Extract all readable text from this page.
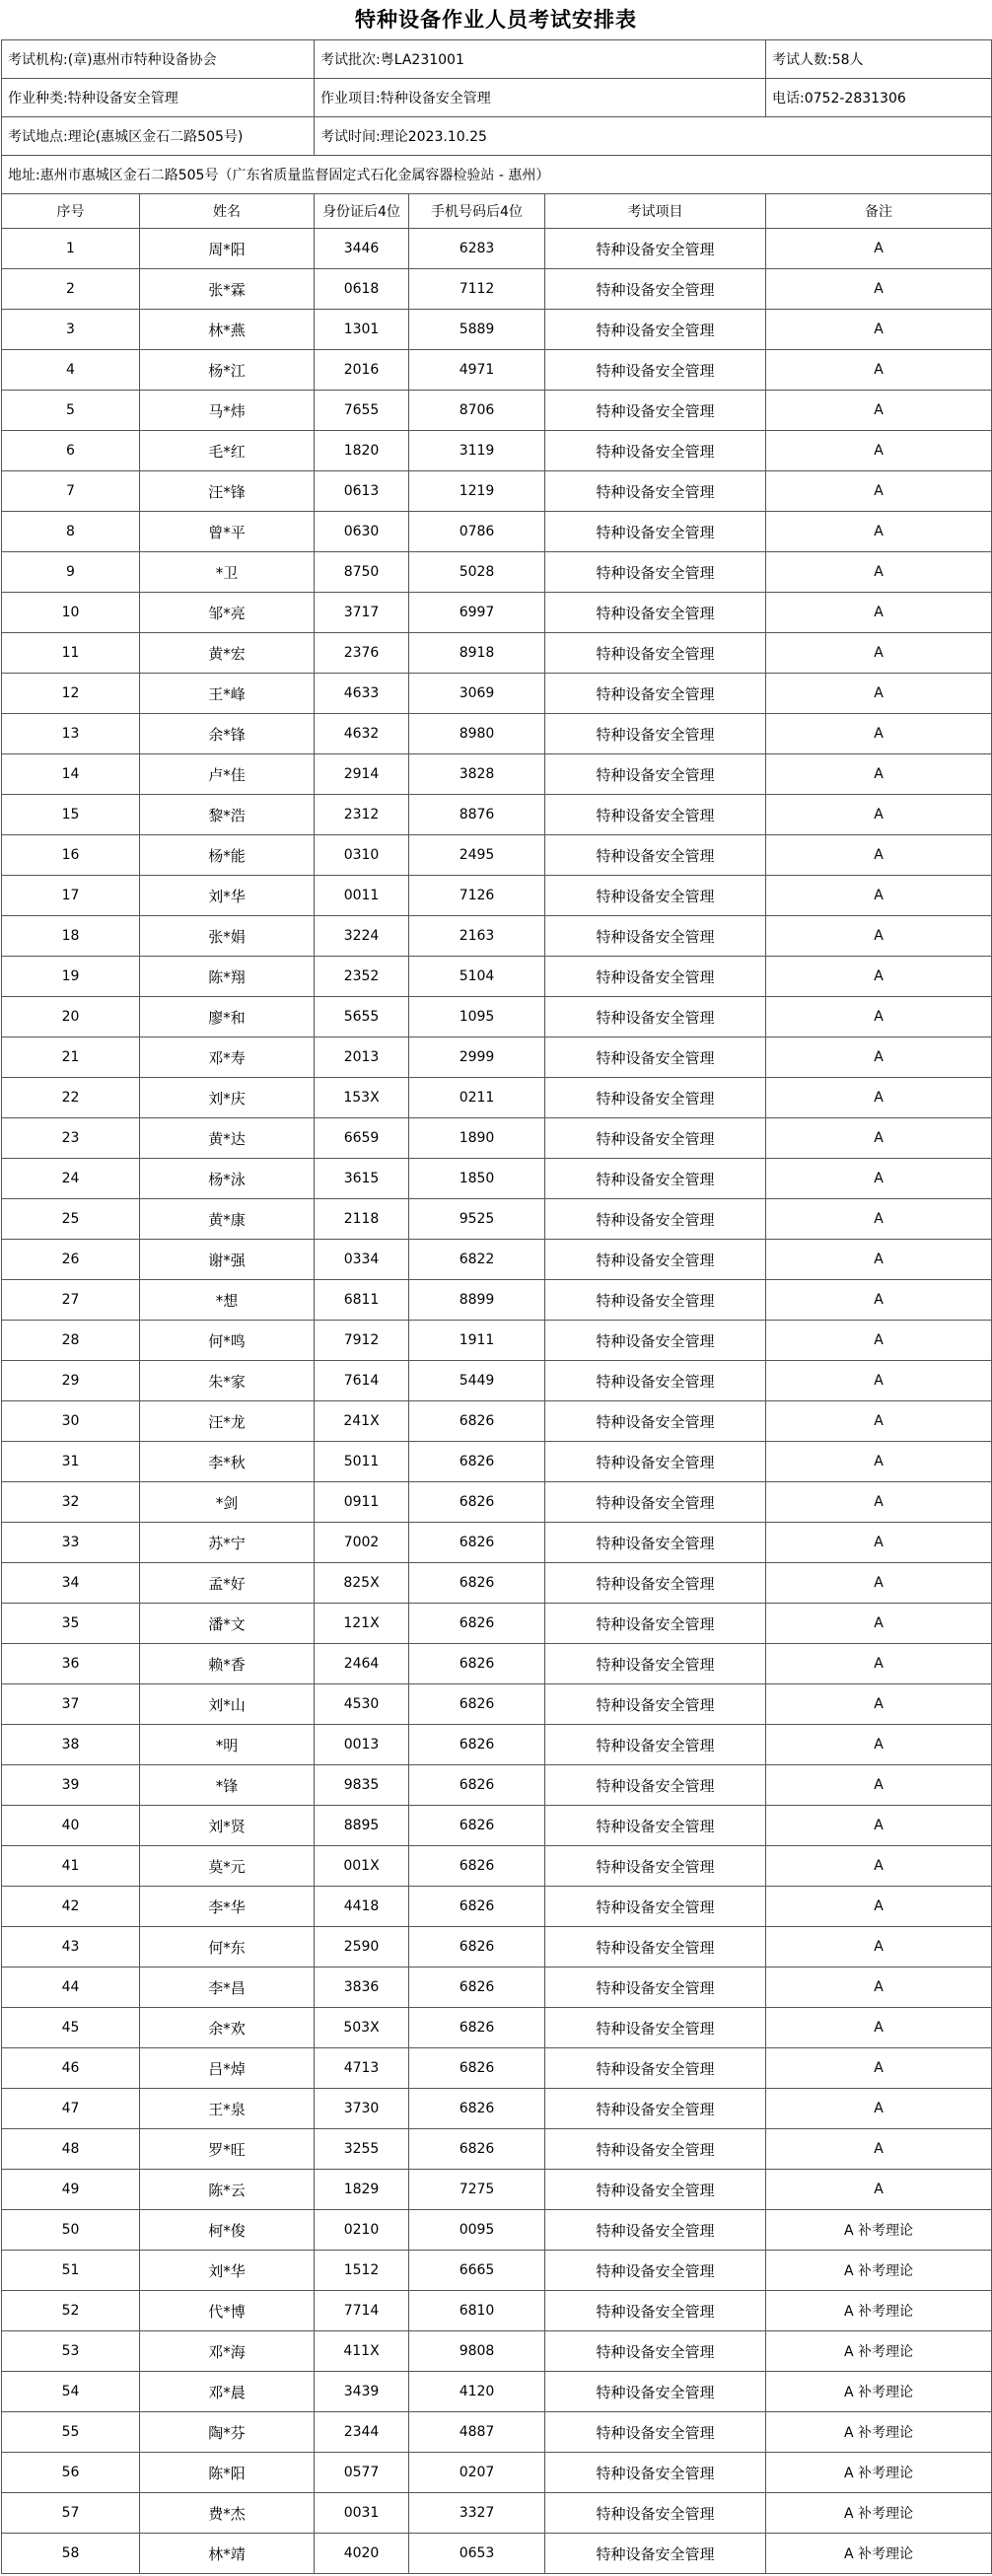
特种设备作业人员考试安排表
考试机构:(章)惠州市特种设备协会		考试批次:粤LA231001			考试人数:58人
作业种类:特种设备安全管理		作业项目:特种设备安全管理			电话:0752-2831306
考试地点:理论(惠城区金石二路505号)		考试时间:理论2023.10.25			
地址:惠州市惠城区金石二路505号（广东省质量监督固定式石化金属容器检验站 - 惠州）					
序号	姓名	身份证后4位	手机号码后4位	考试项目	备注
1	周*阳	3446	6283	特种设备安全管理	A
2	张*霖	0618	7112	特种设备安全管理	A
3	林*燕	1301	5889	特种设备安全管理	A
4	杨*江	2016	4971	特种设备安全管理	A
5	马*炜	7655	8706	特种设备安全管理	A
6	毛*红	1820	3119	特种设备安全管理	A
7	汪*锋	0613	1219	特种设备安全管理	A
8	曾*平	0630	0786	特种设备安全管理	A
9	*卫	8750	5028	特种设备安全管理	A
10	邹*亮	3717	6997	特种设备安全管理	A
11	黄*宏	2376	8918	特种设备安全管理	A
12	王*峰	4633	3069	特种设备安全管理	A
13	余*锋	4632	8980	特种设备安全管理	A
14	卢*佳	2914	3828	特种设备安全管理	A
15	黎*浩	2312	8876	特种设备安全管理	A
16	杨*能	0310	2495	特种设备安全管理	A
17	刘*华	0011	7126	特种设备安全管理	A
18	张*娟	3224	2163	特种设备安全管理	A
19	陈*翔	2352	5104	特种设备安全管理	A
20	廖*和	5655	1095	特种设备安全管理	A
21	邓*寿	2013	2999	特种设备安全管理	A
22	刘*庆	153X	0211	特种设备安全管理	A
23	黄*达	6659	1890	特种设备安全管理	A
24	杨*泳	3615	1850	特种设备安全管理	A
25	黄*康	2118	9525	特种设备安全管理	A
26	谢*强	0334	6822	特种设备安全管理	A
27	*想	6811	8899	特种设备安全管理	A
28	何*鸣	7912	1911	特种设备安全管理	A
29	朱*家	7614	5449	特种设备安全管理	A
30	汪*龙	241X	6826	特种设备安全管理	A
31	李*秋	5011	6826	特种设备安全管理	A
32	*剑	0911	6826	特种设备安全管理	A
33	苏*宁	7002	6826	特种设备安全管理	A
34	孟*好	825X	6826	特种设备安全管理	A
35	潘*文	121X	6826	特种设备安全管理	A
36	赖*香	2464	6826	特种设备安全管理	A
37	刘*山	4530	6826	特种设备安全管理	A
38	*明	0013	6826	特种设备安全管理	A
39	*锋	9835	6826	特种设备安全管理	A
40	刘*贤	8895	6826	特种设备安全管理	A
41	莫*元	001X	6826	特种设备安全管理	A
42	李*华	4418	6826	特种设备安全管理	A
43	何*东	2590	6826	特种设备安全管理	A
44	李*昌	3836	6826	特种设备安全管理	A
45	余*欢	503X	6826	特种设备安全管理	A
46	吕*焯	4713	6826	特种设备安全管理	A
47	王*泉	3730	6826	特种设备安全管理	A
48	罗*旺	3255	6826	特种设备安全管理	A
49	陈*云	1829	7275	特种设备安全管理	A
50	柯*俊	0210	0095	特种设备安全管理	A 补考理论
51	刘*华	1512	6665	特种设备安全管理	A 补考理论
52	代*博	7714	6810	特种设备安全管理	A 补考理论
53	邓*海	411X	9808	特种设备安全管理	A 补考理论
54	邓*晨	3439	4120	特种设备安全管理	A 补考理论
55	陶*芬	2344	4887	特种设备安全管理	A 补考理论
56	陈*阳	0577	0207	特种设备安全管理	A 补考理论
57	费*杰	0031	3327	特种设备安全管理	A 补考理论
58	林*靖	4020	0653	特种设备安全管理	A 补考理论
